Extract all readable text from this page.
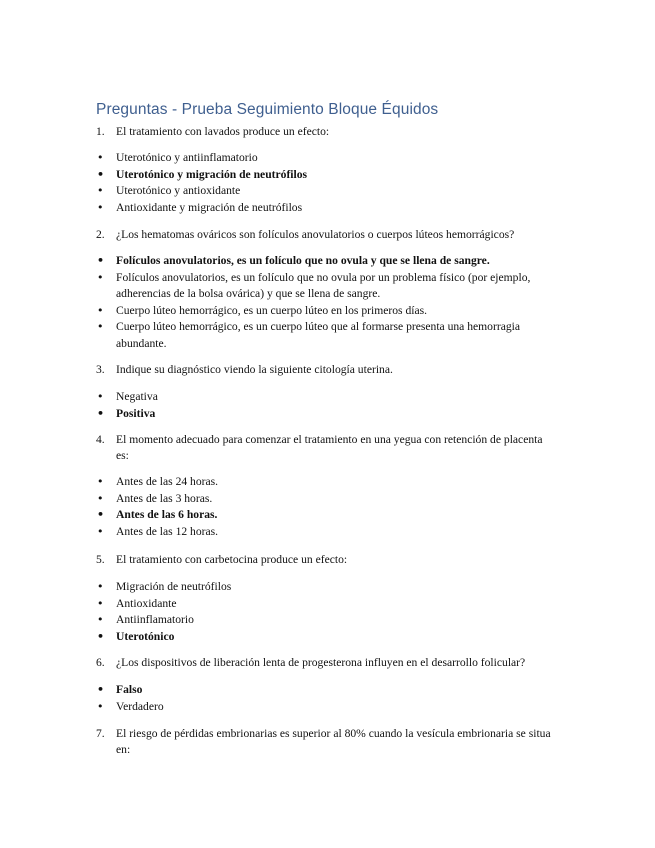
Preguntas - Prueba Seguimiento Bloque Équidos
1. El tratamiento con lavados produce un efecto:
• Uterotónico y antiinflamatorio
• Uterotónico y migración de neutrófilos
• Uterotónico y antioxidante
• Antioxidante y migración de neutrófilos
2. ¿Los hematomas ováricos son folículos anovulatorios o cuerpos lúteos hemorrágicos?
• Folículos anovulatorios, es un folículo que no ovula y que se llena de sangre.
• Folículos anovulatorios, es un folículo que no ovula por un problema físico (por ejemplo, adherencias de la bolsa ovárica) y que se llena de sangre.
• Cuerpo lúteo hemorrágico, es un cuerpo lúteo en los primeros días.
• Cuerpo lúteo hemorrágico, es un cuerpo lúteo que al formarse presenta una hemorragia abundante.
3. Indique su diagnóstico viendo la siguiente citología uterina.
• Negativa
• Positiva
4. El momento adecuado para comenzar el tratamiento en una yegua con retención de placenta es:
• Antes de las 24 horas.
• Antes de las 3 horas.
• Antes de las 6 horas.
• Antes de las 12 horas.
5. El tratamiento con carbetocina produce un efecto:
• Migración de neutrófilos
• Antioxidante
• Antiinflamatorio
• Uterotónico
6. ¿Los dispositivos de liberación lenta de progesterona influyen en el desarrollo folicular?
• Falso
• Verdadero
7. El riesgo de pérdidas embrionarias es superior al 80% cuando la vesícula embrionaria se situa en:
